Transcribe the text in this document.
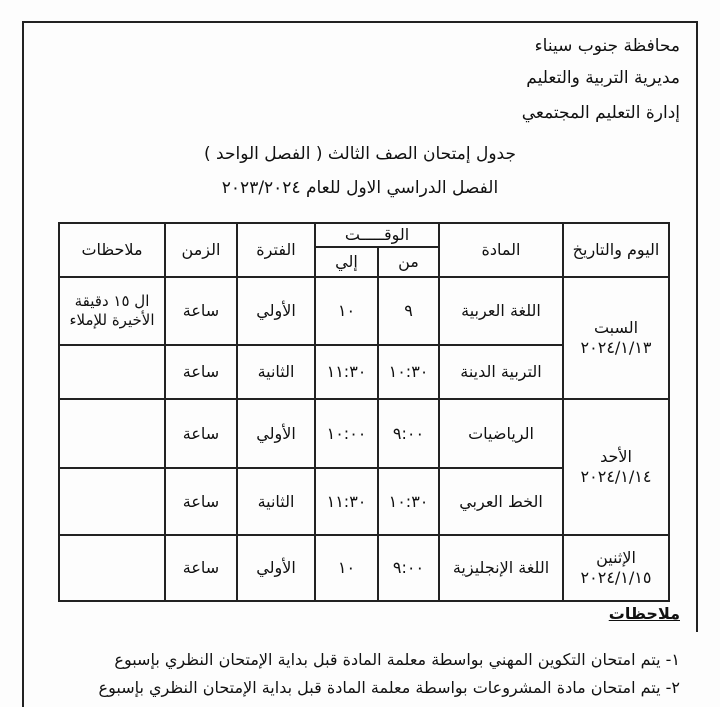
محافظة جنوب سيناء
مديرية التربية والتعليم
إدارة التعليم المجتمعي
جدول إمتحان الصف الثالث ( الفصل الواحد )
الفصل الدراسي الاول للعام ٢٠٢٣/٢٠٢٤
اليوم والتاريخ
المادة
الوقـــــت
من
إلي
الفترة
الزمن
ملاحظات
السبت
٢٠٢٤/١/١٣
الأحد
٢٠٢٤/١/١٤
الإثنين
٢٠٢٤/١/١٥
اللغة العربية
٩
١٠
الأولي
ساعة
ال ١٥ دقيقة الأخيرة للإملاء
التربية الدينة
١٠:٣٠
١١:٣٠
الثانية
ساعة
الرياضيات
٩:٠٠
١٠:٠٠
الأولي
ساعة
الخط العربي
١٠:٣٠
١١:٣٠
الثانية
ساعة
اللغة الإنجليزية
٩:٠٠
١٠
الأولي
ساعة
ملاحظات
١- يتم امتحان التكوين المهني بواسطة معلمة المادة قبل بداية الإمتحان النظري بإسبوع
٢- يتم امتحان مادة المشروعات بواسطة معلمة المادة قبل بداية الإمتحان النظري بإسبوع
